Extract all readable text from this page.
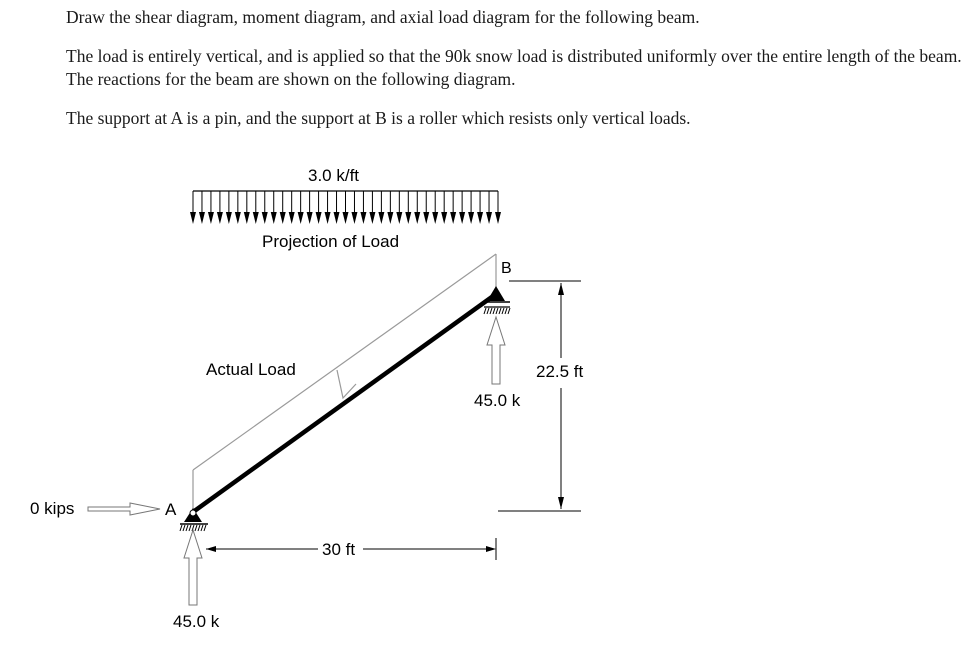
Draw the shear diagram, moment diagram, and axial load diagram for the following beam.

The load is entirely vertical, and is applied so that the 90k snow load is distributed uniformly over the entire length of the beam. The reactions for the beam are shown on the following diagram.

The support at A is a pin, and the support at B is a roller which resists only vertical loads.

3.0 k/ft
Projection of Load
Actual Load
A
B
0 kips
45.0 k
45.0 k
30 ft
22.5 ft
